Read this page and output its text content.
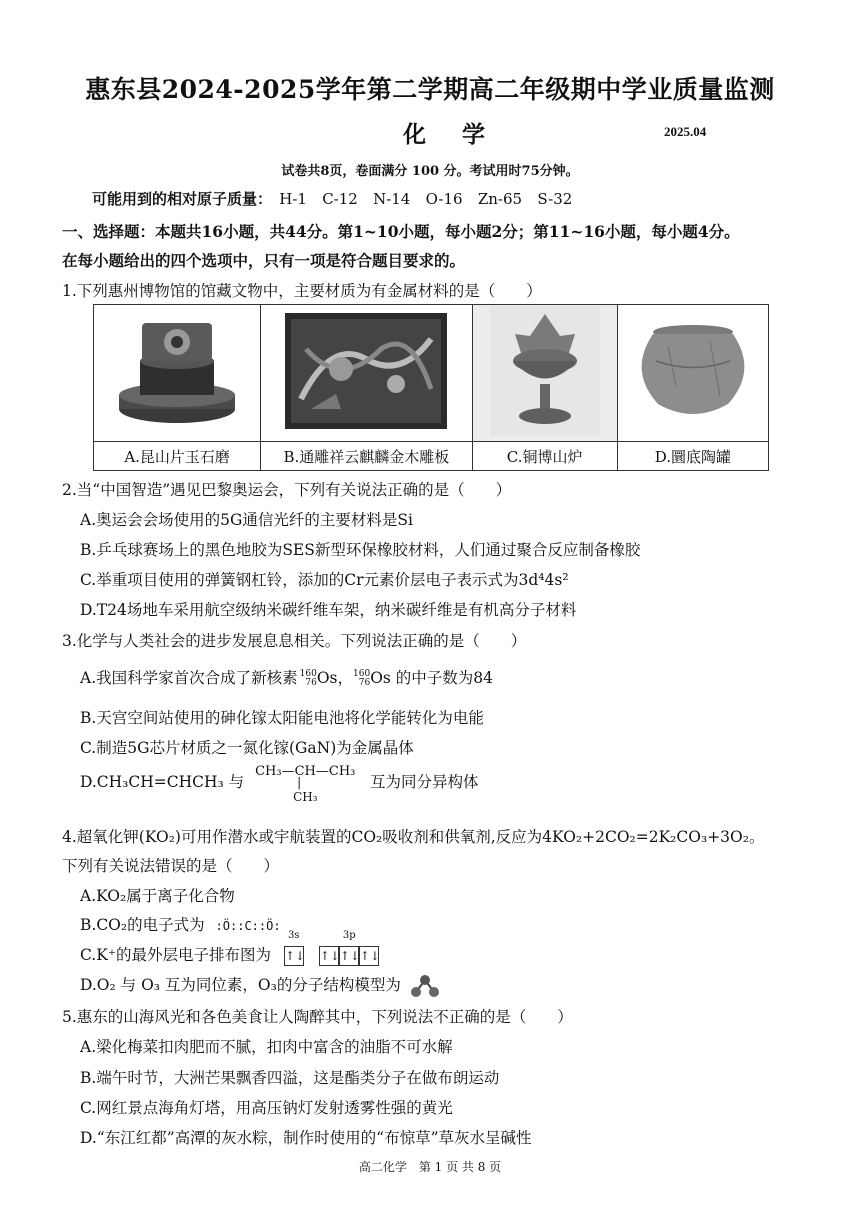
惠东县2024-2025学年第二学期高二年级期中学业质量监测
化 学	2025.04
试卷共8页，卷面满分 100 分。考试用时75分钟。
可能用到的相对原子质量： H-1 C-12 N-14 O-16 Zn-65 S-32
一、选择题：本题共16小题，共44分。第1~10小题，每小题2分；第11~16小题，每小题4分。
在每小题给出的四个选项中，只有一项是符合题目要求的。
1.下列惠州博物馆的馆藏文物中，主要材质为有金属材料的是（　　）

A.昆山片玉石磨	B.通雕祥云麒麟金木雕板	C.铜博山炉	D.圜底陶罐
2.当“中国智造”遇见巴黎奥运会，下列有关说法正确的是（　　）
A.奥运会会场使用的5G通信光纤的主要材料是Si
B.乒乓球赛场上的黑色地胶为SES新型环保橡胶材料，人们通过聚合反应制备橡胶
C.举重项目使用的弹簧钢杠铃，添加的Cr元素价层电子表示式为3d⁴4s²
D.T24场地车采用航空级纳米碳纤维车架，纳米碳纤维是有机高分子材料
3.化学与人类社会的进步发展息息相关。下列说法正确的是（　　）
A.我国科学家首次合成了新核素 160
76Os，160
76Os 的中子数为84
B.天宫空间站使用的砷化镓太阳能电池将化学能转化为电能
C.制造5G芯片材质之一氮化镓(GaN)为金属晶体
D.CH₃CH=CHCH₃ 与 CH₃—CH—CH₃
|
CH₃
互为同分异构体
4.超氧化钾(KO₂)可用作潜水或宇航装置的CO₂吸收剂和供氧剂,反应为4KO₂+2CO₂=2K₂CO₃+3O₂。
下列有关说法错误的是（　　）
A.KO₂属于离子化合物
B.CO₂的电子式为 :Ö::C::Ö:
C.K⁺的最外层电子排布图为
3s
↑↓
3p
↑↓↑↓↑↓
D.O₂ 与 O₃ 互为同位素，O₃的分子结构模型为
5.惠东的山海风光和各色美食让人陶醉其中，下列说法不正确的是（　　）
A.梁化梅菜扣肉肥而不腻，扣肉中富含的油脂不可水解
B.端午时节，大洲芒果飘香四溢，这是酯类分子在做布朗运动
C.网红景点海角灯塔，用高压钠灯发射透雾性强的黄光
D.“东江红都”高潭的灰水粽，制作时使用的“布惊草”草灰水呈碱性
高二化学　第 1 页 共 8 页
